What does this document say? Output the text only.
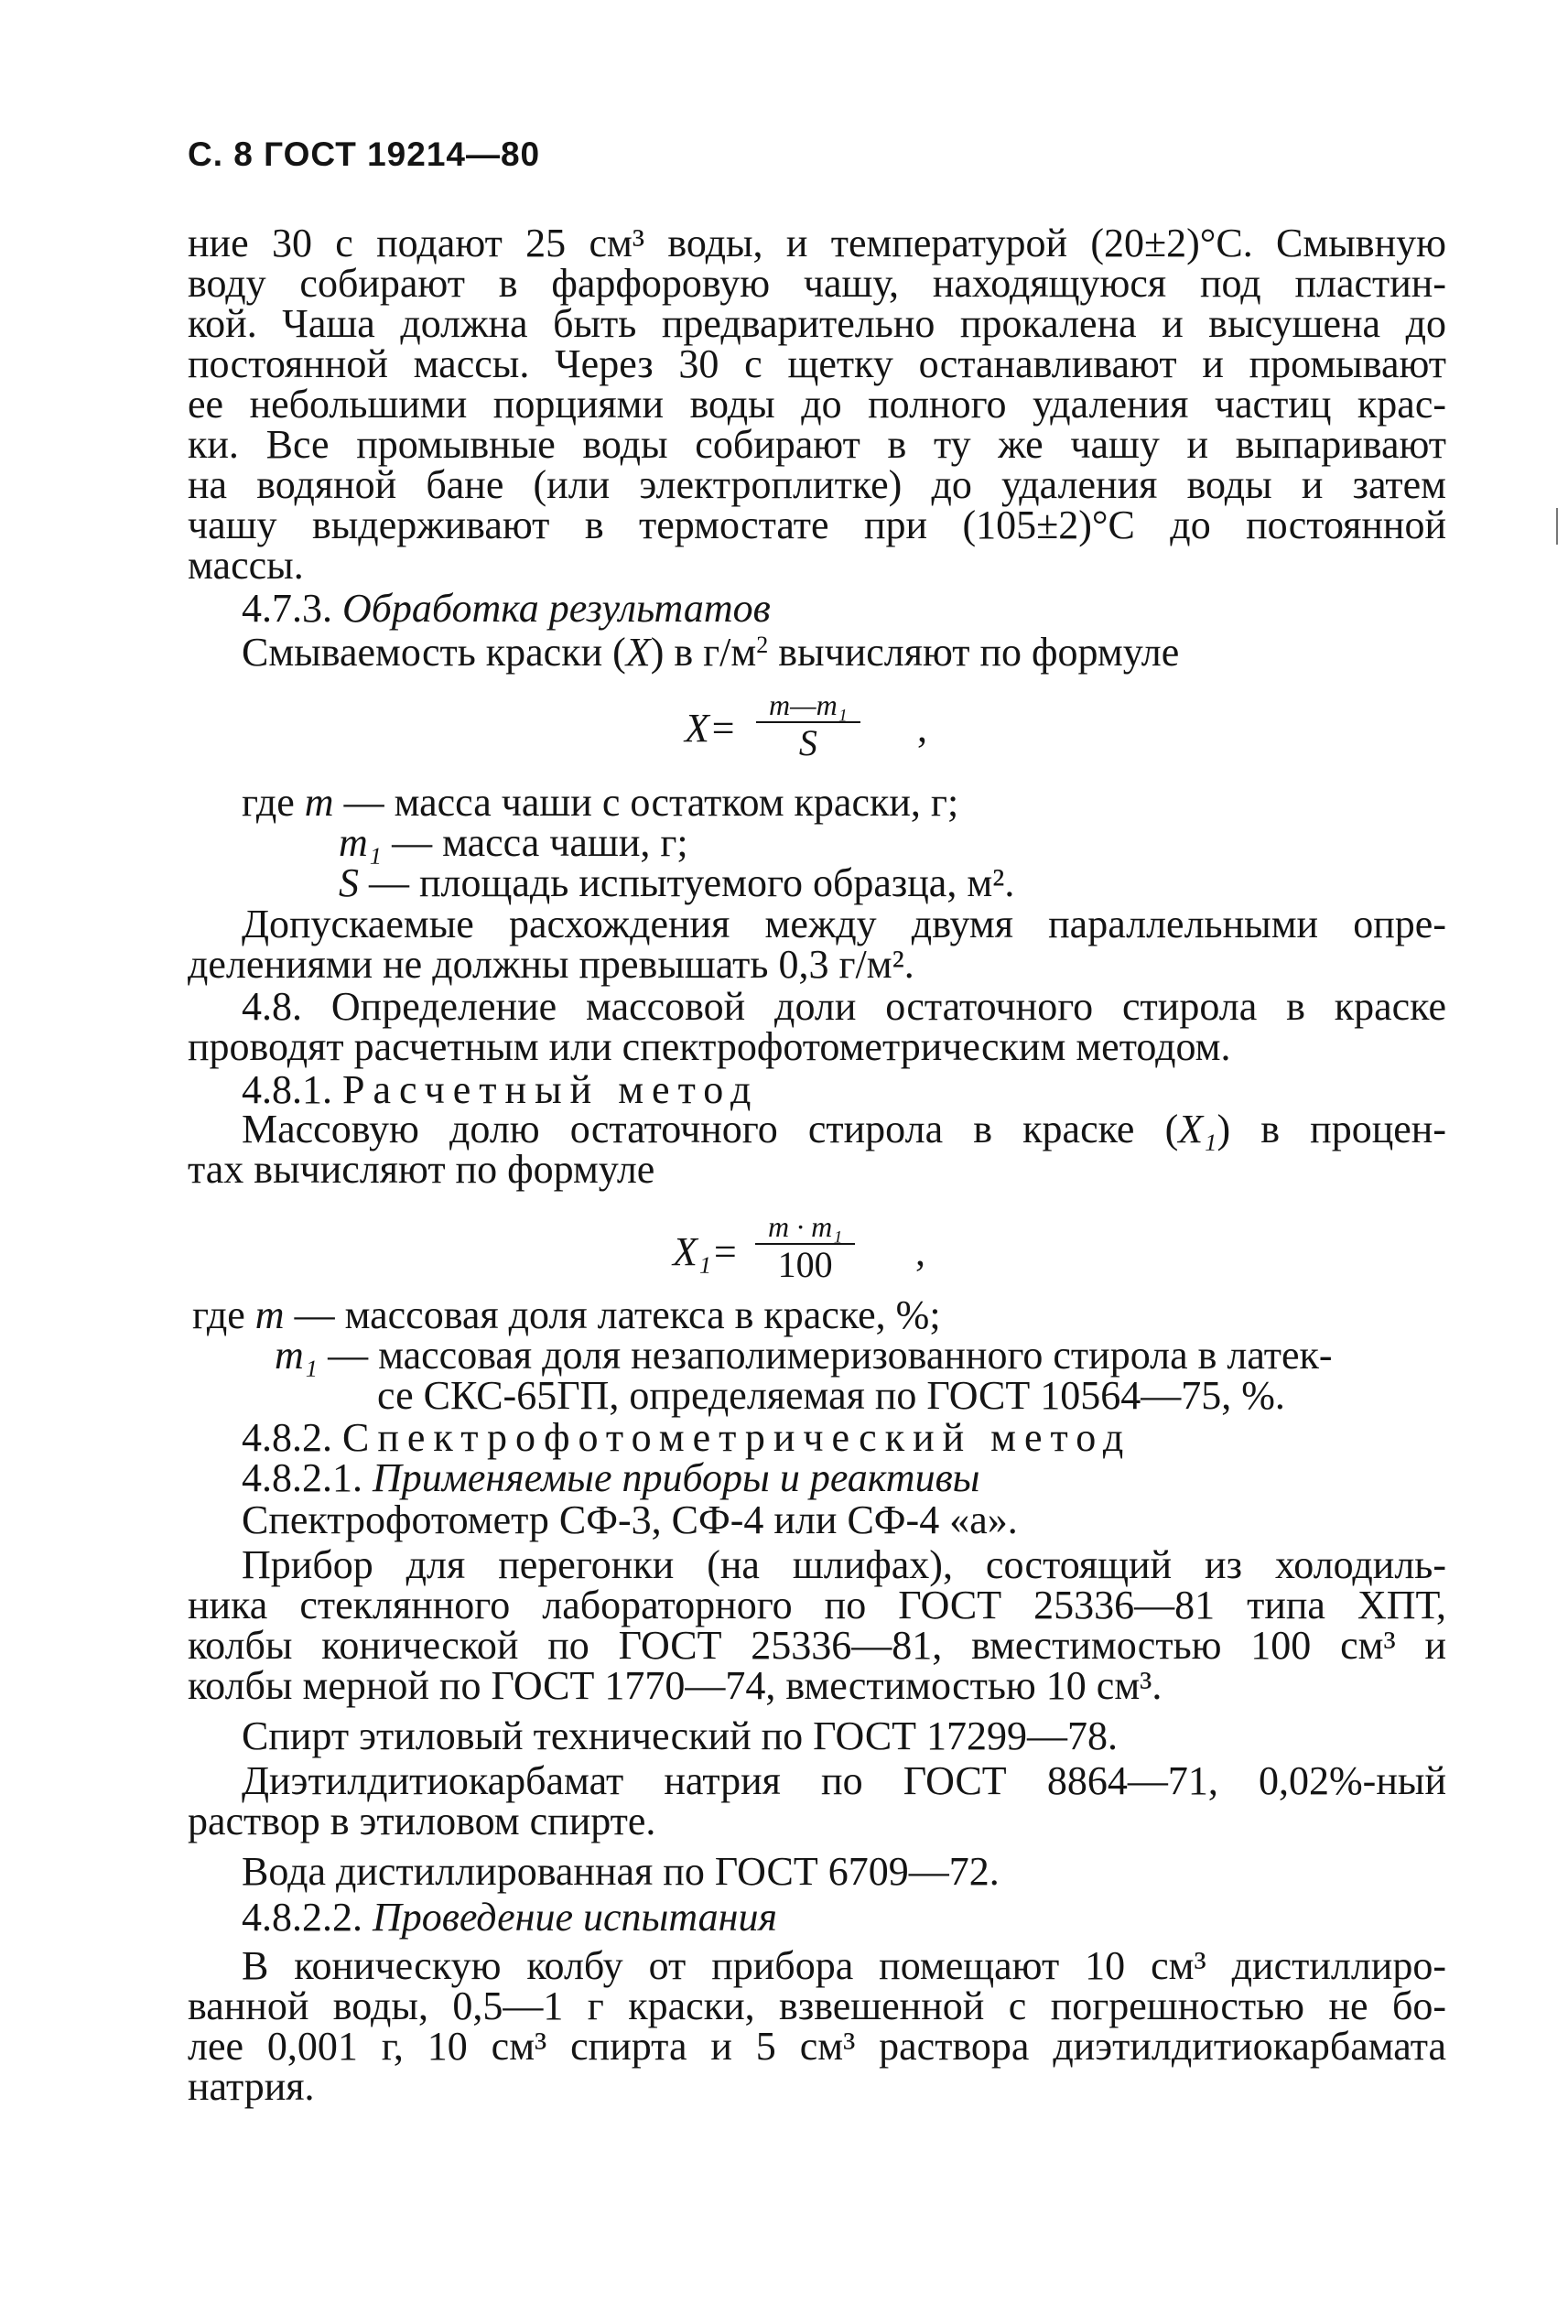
С. 8 ГОСТ 19214—80
ние 30 с подают 25 см³ воды, и температурой (20±2)°С. Смывную
воду собирают в фарфоровую чашу, находящуюся под пластин-
кой. Чаша должна быть предварительно прокалена и высушена до
постоянной массы. Через 30 с щетку останавливают и промывают
ее небольшими порциями воды до полного удаления частиц крас-
ки. Все промывные воды собирают в ту же чашу и выпаривают
на водяной бане (или электроплитке) до удаления воды и затем
чашу выдерживают в термостате при (105±2)°С до постоянной
массы.
4.7.3. Обработка результатов
Смываемость краски (X) в $г/м^2$ вычисляют по формуле
X=
m—m₁
S ,
где m — масса чаши с остатком краски, г;
m₁ — масса чаши, г;
S — площадь испытуемого образца, м².
Допускаемые расхождения между двумя параллельными опре-
делениями не должны превышать 0,3 г/м².
4.8. Определение массовой доли остаточного стирола в краске
проводят расчетным или спектрофотометрическим методом.
4.8.1. Расчетный метод
Массовую долю остаточного стирола в краске (X₁) в процен-
тах вычисляют по формуле
X₁=
m · m₁
100 ,
где m — массовая доля латекса в краске, %;
m₁ — массовая доля незаполимеризованного стирола в латек-
се СКС-65ГП, определяемая по ГОСТ 10564—75, %.
4.8.2. Спектрофотометрический метод
4.8.2.1. Применяемые приборы и реактивы
Спектрофотометр СФ-3, СФ-4 или СФ-4 «а».
Прибор для перегонки (на шлифах), состоящий из холодиль-
ника стеклянного лабораторного по ГОСТ 25336—81 типа ХПТ,
колбы конической по ГОСТ 25336—81, вместимостью 100 см³ и
колбы мерной по ГОСТ 1770—74, вместимостью 10 см³.
Спирт этиловый технический по ГОСТ 17299—78.
Диэтилдитиокарбамат натрия по ГОСТ 8864—71, 0,02%-ный
раствор в этиловом спирте.
Вода дистиллированная по ГОСТ 6709—72.
4.8.2.2. Проведение испытания
В коническую колбу от прибора помещают 10 см³ дистиллиро-
ванной воды, 0,5—1 г краски, взвешенной с погрешностью не бо-
лее 0,001 г, 10 см³ спирта и 5 см³ раствора диэтилдитиокарбамата
натрия.
